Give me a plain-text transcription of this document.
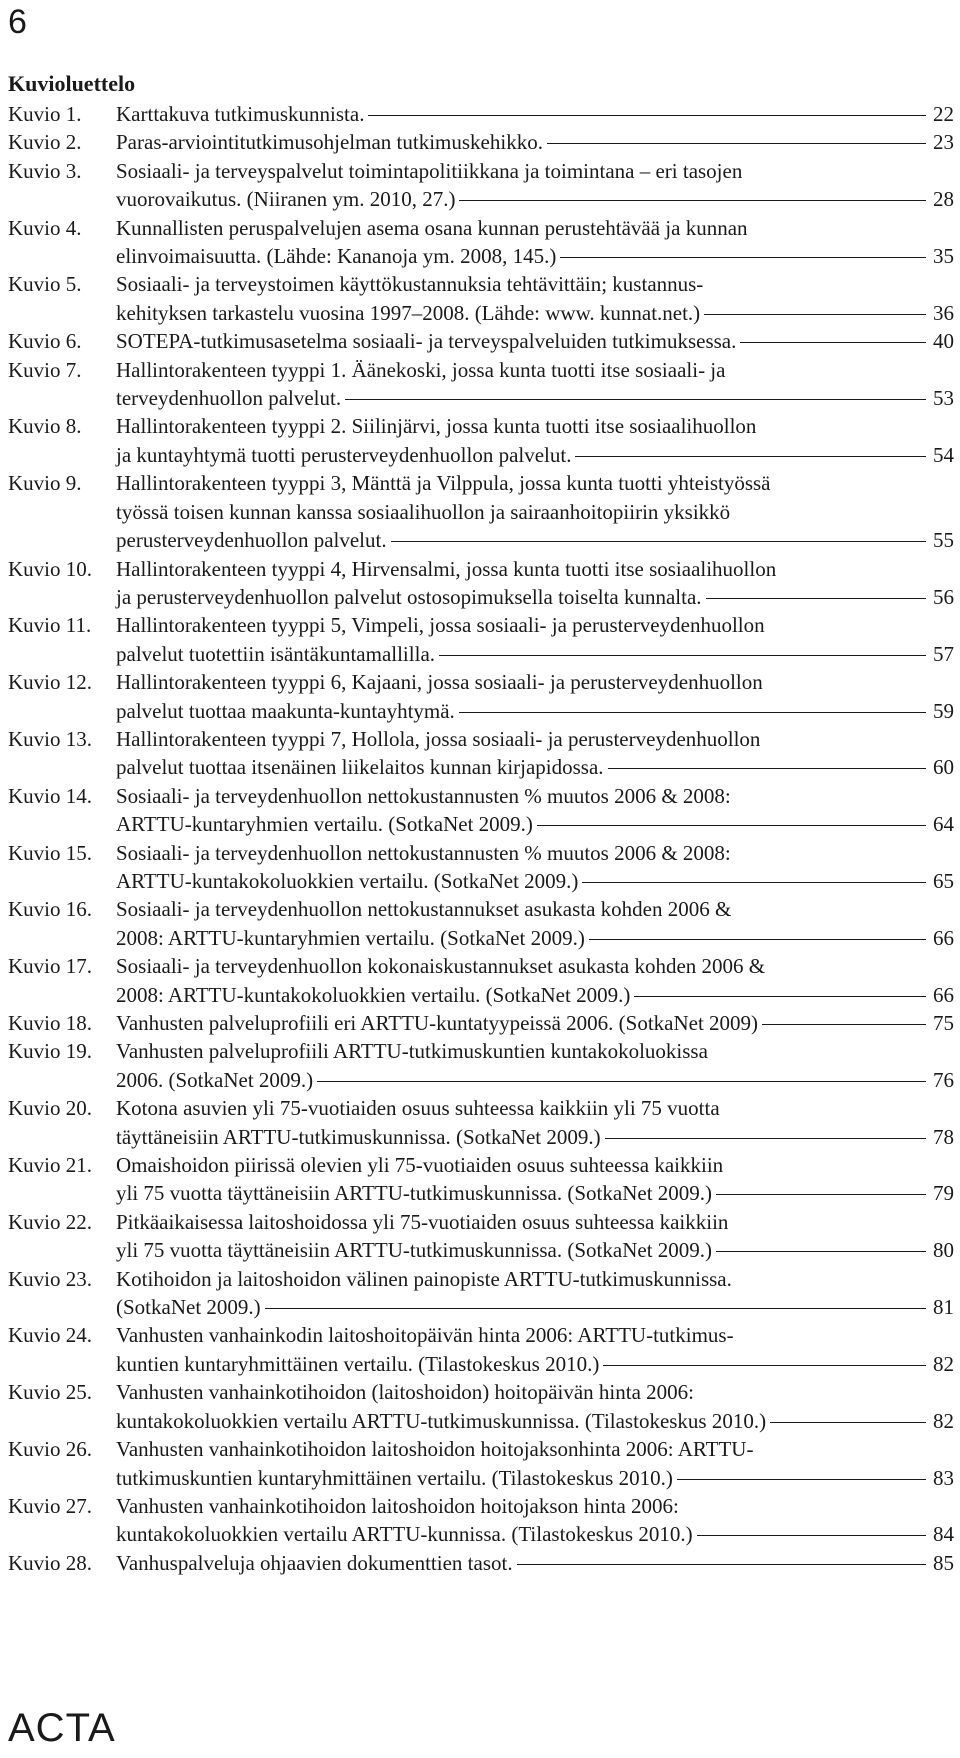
6
Kuvioluettelo
Kuvio 1.	Karttakuva tutkimuskunnista.	22
Kuvio 2.	Paras-arviointitutkimusohjelman tutkimuskehikko.	23
Kuvio 3.	Sosiaali- ja terveyspalvelut toimintapolitiikkana ja toimintana – eri tasojen
vuorovaikutus. (Niiranen ym. 2010, 27.)	28
Kuvio 4.	Kunnallisten peruspalvelujen asema osana kunnan perustehtävää ja kunnan
elinvoimaisuutta. (Lähde: Kananoja ym. 2008, 145.)	35
Kuvio 5.	Sosiaali- ja terveystoimen käyttökustannuksia tehtävittäin; kustannus-
kehityksen tarkastelu vuosina 1997–2008. (Lähde: www. kunnat.net.)	36
Kuvio 6.	SOTEPA-tutkimusasetelma sosiaali- ja terveyspalveluiden tutkimuksessa.	40
Kuvio 7.	Hallintorakenteen tyyppi 1. Äänekoski, jossa kunta tuotti itse sosiaali- ja
terveydenhuollon palvelut.	53
Kuvio 8.	Hallintorakenteen tyyppi 2. Siilinjärvi, jossa kunta tuotti itse sosiaalihuollon
ja kuntayhtymä tuotti perusterveydenhuollon palvelut.	54
Kuvio 9.	Hallintorakenteen tyyppi 3, Mänttä ja Vilppula, jossa kunta tuotti yhteistyössä
työssä toisen kunnan kanssa sosiaalihuollon ja sairaanhoitopiirin yksikkö
perusterveydenhuollon palvelut.	55
Kuvio 10.	Hallintorakenteen tyyppi 4, Hirvensalmi, jossa kunta tuotti itse sosiaalihuollon
ja perusterveydenhuollon palvelut ostosopimuksella toiselta kunnalta.	56
Kuvio 11.	Hallintorakenteen tyyppi 5, Vimpeli, jossa sosiaali- ja perusterveydenhuollon
palvelut tuotettiin isäntäkuntamallilla.	57
Kuvio 12.	Hallintorakenteen tyyppi 6, Kajaani, jossa sosiaali- ja perusterveydenhuollon
palvelut tuottaa maakunta-kuntayhtymä.	59
Kuvio 13.	Hallintorakenteen tyyppi 7, Hollola, jossa sosiaali- ja perusterveydenhuollon
palvelut tuottaa itsenäinen liikelaitos kunnan kirjapidossa.	60
Kuvio 14.	Sosiaali- ja terveydenhuollon nettokustannusten % muutos 2006 & 2008:
ARTTU-kuntaryhmien vertailu. (SotkaNet 2009.)	64
Kuvio 15.	Sosiaali- ja terveydenhuollon nettokustannusten % muutos 2006 & 2008:
ARTTU-kuntakokoluokkien vertailu. (SotkaNet 2009.)	65
Kuvio 16.	Sosiaali- ja terveydenhuollon nettokustannukset asukasta kohden 2006 &
2008: ARTTU-kuntaryhmien vertailu. (SotkaNet 2009.)	66
Kuvio 17.	Sosiaali- ja terveydenhuollon kokonaiskustannukset asukasta kohden 2006 &
2008: ARTTU-kuntakokoluokkien vertailu. (SotkaNet 2009.)	66
Kuvio 18.	Vanhusten palveluprofiili eri ARTTU-kuntatyypeissä 2006. (SotkaNet 2009)	75
Kuvio 19.	Vanhusten palveluprofiili ARTTU-tutkimuskuntien kuntakokoluokissa
2006. (SotkaNet 2009.)	76
Kuvio 20.	Kotona asuvien yli 75-vuotiaiden osuus suhteessa kaikkiin yli 75 vuotta
täyttäneisiin ARTTU-tutkimuskunnissa. (SotkaNet 2009.)	78
Kuvio 21.	Omaishoidon piirissä olevien yli 75-vuotiaiden osuus suhteessa kaikkiin
yli 75 vuotta täyttäneisiin ARTTU-tutkimuskunnissa. (SotkaNet 2009.)	79
Kuvio 22.	Pitkäaikaisessa laitoshoidossa yli 75-vuotiaiden osuus suhteessa kaikkiin
yli 75 vuotta täyttäneisiin ARTTU-tutkimuskunnissa. (SotkaNet 2009.)	80
Kuvio 23.	Kotihoidon ja laitoshoidon välinen painopiste ARTTU-tutkimuskunnissa.
(SotkaNet 2009.)	81
Kuvio 24.	Vanhusten vanhainkodin laitoshoitopäivän hinta 2006: ARTTU-tutkimus-
kuntien kuntaryhmittäinen vertailu. (Tilastokeskus 2010.)	82
Kuvio 25.	Vanhusten vanhainkotihoidon (laitoshoidon) hoitopäivän hinta 2006:
kuntakokoluokkien vertailu ARTTU-tutkimuskunnissa. (Tilastokeskus 2010.)	82
Kuvio 26.	Vanhusten vanhainkotihoidon laitoshoidon hoitojaksonhinta 2006: ARTTU-
tutkimuskuntien kuntaryhmittäinen vertailu. (Tilastokeskus 2010.)	83
Kuvio 27.	Vanhusten vanhainkotihoidon laitoshoidon hoitojakson hinta 2006:
kuntakokoluokkien vertailu ARTTU-kunnissa. (Tilastokeskus 2010.)	84
Kuvio 28.	Vanhuspalveluja ohjaavien dokumenttien tasot.	85
ACTA
